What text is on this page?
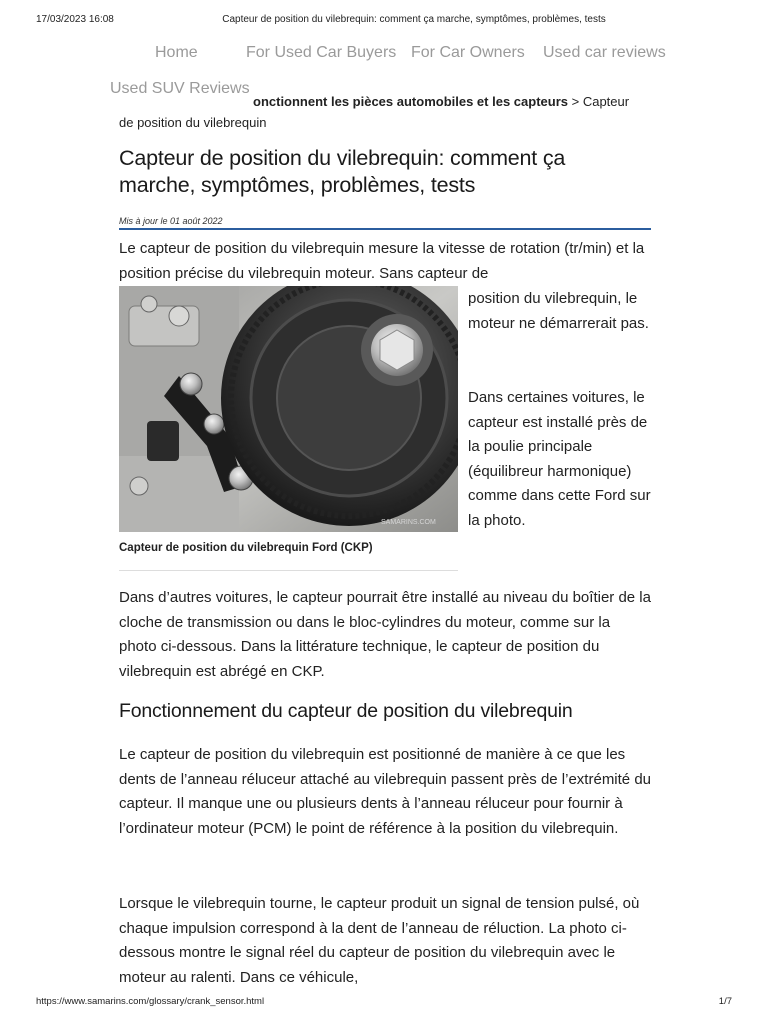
17/03/2023 16:08	Capteur de position du vilebrequin: comment ça marche, symptômes, problèmes, tests
Home	For Used Car Buyers For Car Owners Used car reviews
Used SUV Reviews
onctionnent les pièces automobiles et les capteurs > Capteur
de position du vilebrequin
Capteur de position du vilebrequin: comment ça marche, symptômes, problèmes, tests
Mis à jour le 01 août 2022

Le capteur de position du vilebrequin mesure la vitesse de rotation (tr/min) et la position précise du vilebrequin moteur. Sans capteur de

SAMARINS.COM

position du vilebrequin, le moteur ne démarrerait pas.

Dans certaines voitures, le capteur est installé près de la poulie principale (équilibreur harmonique) comme dans cette Ford sur la photo.

Capteur de position du vilebrequin Ford (CKP)

Dans d’autres voitures, le capteur pourrait être installé au niveau du boîtier de la cloche de transmission ou dans le bloc-cylindres du moteur, comme sur la photo ci-dessous. Dans la littérature technique, le capteur de position du vilebrequin est abrégé en CKP.

Fonctionnement du capteur de position du vilebrequin

Le capteur de position du vilebrequin est positionné de manière à ce que les dents de l’anneau réluceur attaché au vilebrequin passent près de l’extrémité du capteur. Il manque une ou plusieurs dents à l’anneau réluceur pour fournir à l’ordinateur moteur (PCM) le point de référence à la position du vilebrequin.

Lorsque le vilebrequin tourne, le capteur produit un signal de tension pulsé, où chaque impulsion correspond à la dent de l’anneau de réluction. La photo ci-dessous montre le signal réel du capteur de position du vilebrequin avec le moteur au ralenti. Dans ce véhicule,

https://www.samarins.com/glossary/crank_sensor.html	1/7
